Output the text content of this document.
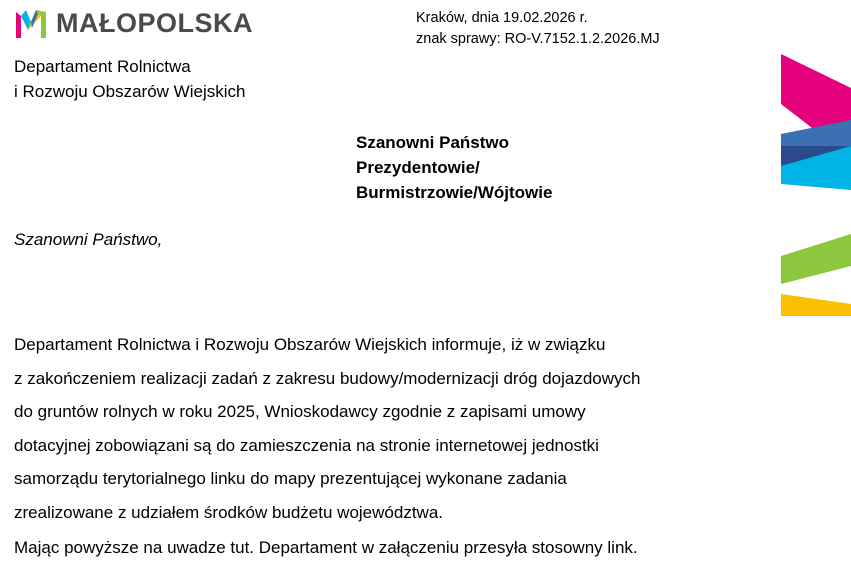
MAŁOPOLSKA
Departament Rolnictwa
i Rozwoju Obszarów Wiejskich
Kraków, dnia 19.02.2026 r.
znak sprawy: RO-V.7152.1.2.2026.MJ
Szanowni Państwo
Prezydentowie/
Burmistrzowie/Wójtowie
Szanowni Państwo,
Departament Rolnictwa i Rozwoju Obszarów Wiejskich informuje, iż w związku
z zakończeniem realizacji zadań z zakresu budowy/modernizacji dróg dojazdowych
do gruntów rolnych w roku 2025, Wnioskodawcy zgodnie z zapisami umowy
dotacyjnej zobowiązani są do zamieszczenia na stronie internetowej jednostki
samorządu terytorialnego linku do mapy prezentującej wykonane zadania
zrealizowane z udziałem środków budżetu województwa.
Mając powyższe na uwadze tut. Departament w załączeniu przesyła stosowny link.
